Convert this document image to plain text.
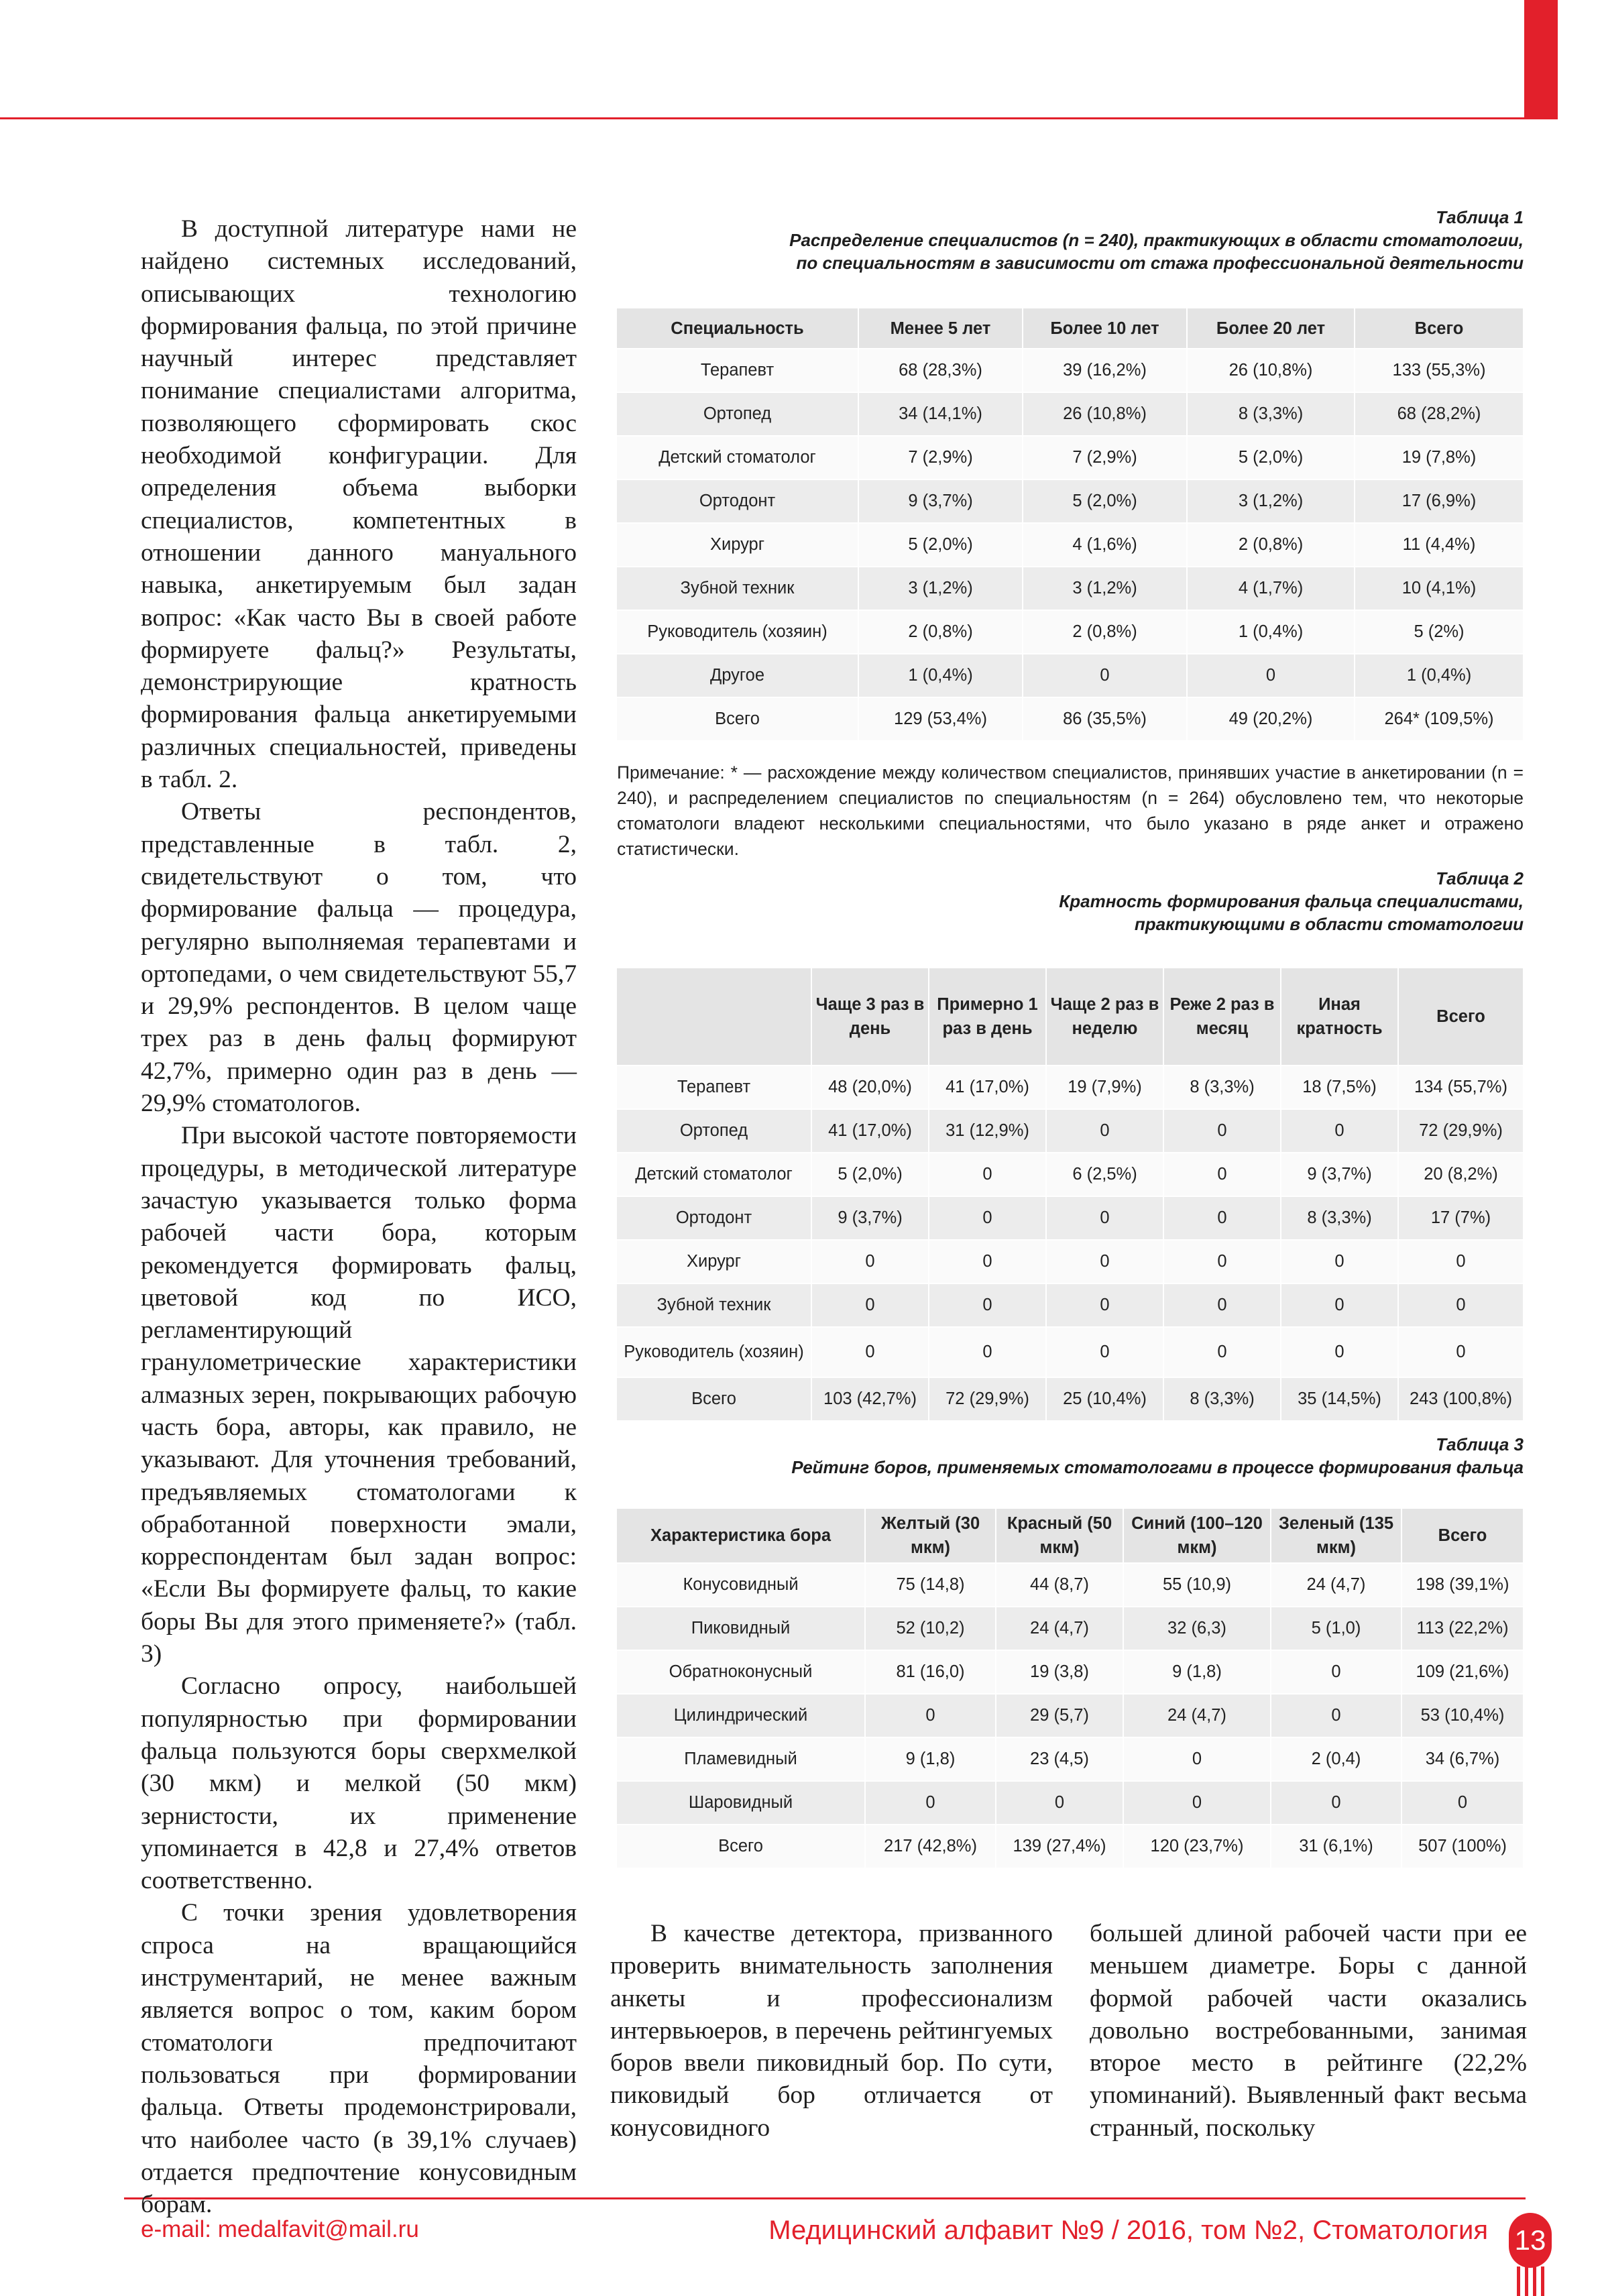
В доступной литературе нами не найдено системных исследований, описывающих технологию формирования фальца, по этой причине научный интерес представляет понимание специалистами алгоритма, позволяющего сформировать скос необходимой конфигурации. Для определения объема выборки специалистов, компетентных в отношении данного мануального навыка, анкетируемым был задан вопрос: «Как часто Вы в своей работе формируете фальц?» Результаты, демонстрирующие кратность формирования фальца анкетируемыми различных специальностей, приведены в табл. 2.

Ответы респондентов, представленные в табл. 2, свидетельствуют о том, что формирование фальца — процедура, регулярно выполняемая терапевтами и ортопедами, о чем свидетельствуют 55,7 и 29,9% респондентов. В целом чаще трех раз в день фальц формируют 42,7%, примерно один раз в день — 29,9% стоматологов.

При высокой частоте повторяемости процедуры, в методической литературе зачастую указывается только форма рабочей части бора, которым рекомендуется формировать фальц, цветовой код по ИСО, регламентирующий гранулометрические характеристики алмазных зерен, покрывающих рабочую часть бора, авторы, как правило, не указывают. Для уточнения требований, предъявляемых стоматологами к обработанной поверхности эмали, корреспондентам был задан вопрос: «Если Вы формируете фальц, то какие боры Вы для этого применяете?» (табл. 3)

Согласно опросу, наибольшей популярностью при формировании фальца пользуются боры сверхмелкой (30 мкм) и мелкой (50 мкм) зернистости, их применение упоминается в 42,8 и 27,4% ответов соответственно.

С точки зрения удовлетворения спроса на вращающийся инструментарий, не менее важным является вопрос о том, каким бором стоматологи предпочитают пользоваться при формировании фальца. Ответы продемонстрировали, что наиболее часто (в 39,1% случаев) отдается предпочтение конусовидным борам.

Таблица 1
Распределение специалистов (n = 240), практикующих в области стоматологии,
по специальностям в зависимости от стажа профессиональной деятельности
Специальность	Менее 5 лет	Более 10 лет	Более 20 лет	Всего
Терапевт	68 (28,3%)	39 (16,2%)	26 (10,8%)	133 (55,3%)
Ортопед	34 (14,1%)	26 (10,8%)	8 (3,3%)	68 (28,2%)
Детский стоматолог	7 (2,9%)	7 (2,9%)	5 (2,0%)	19 (7,8%)
Ортодонт	9 (3,7%)	5 (2,0%)	3 (1,2%)	17 (6,9%)
Хирург	5 (2,0%)	4 (1,6%)	2 (0,8%)	11 (4,4%)
Зубной техник	3 (1,2%)	3 (1,2%)	4 (1,7%)	10 (4,1%)
Руководитель (хозяин)	2 (0,8%)	2 (0,8%)	1 (0,4%)	5 (2%)
Другое	1 (0,4%)	0	0	1 (0,4%)
Всего	129 (53,4%)	86 (35,5%)	49 (20,2%)	264* (109,5%)
Примечание: * — расхождение между количеством специалистов, принявших участие в анкетировании (n = 240), и распределением специалистов по специальностям (n = 264) обусловлено тем, что некоторые стоматологи владеют несколькими специальностями, что было указано в ряде анкет и отражено статистически.
Таблица 2
Кратность формирования фальца специалистами,
практикующими в области стоматологии
	Чаще 3 раз в день	Примерно 1 раз в день	Чаще 2 раз в неделю	Реже 2 раз в месяц	Иная кратность	Всего
Терапевт	48 (20,0%)	41 (17,0%)	19 (7,9%)	8 (3,3%)	18 (7,5%)	134 (55,7%)
Ортопед	41 (17,0%)	31 (12,9%)	0	0	0	72 (29,9%)
Детский стоматолог	5 (2,0%)	0	6 (2,5%)	0	9 (3,7%)	20 (8,2%)
Ортодонт	9 (3,7%)	0	0	0	8 (3,3%)	17 (7%)
Хирург	0	0	0	0	0	0
Зубной техник	0	0	0	0	0	0
Руководитель (хозяин)	0	0	0	0	0	0
Всего	103 (42,7%)	72 (29,9%)	25 (10,4%)	8 (3,3%)	35 (14,5%)	243 (100,8%)
Таблица 3
Рейтинг боров, применяемых стоматологами в процессе формирования фальца
Характеристика бора	Желтый (30 мкм)	Красный (50 мкм)	Синий (100–120 мкм)	Зеленый (135 мкм)	Всего
Конусовидный	75 (14,8)	44 (8,7)	55 (10,9)	24 (4,7)	198 (39,1%)
Пиковидный	52 (10,2)	24 (4,7)	32 (6,3)	5 (1,0)	113 (22,2%)
Обратноконусный	81 (16,0)	19 (3,8)	9 (1,8)	0	109 (21,6%)
Цилиндрический	0	29 (5,7)	24 (4,7)	0	53 (10,4%)
Пламевидный	9 (1,8)	23 (4,5)	0	2 (0,4)	34 (6,7%)
Шаровидный	0	0	0	0	0
Всего	217 (42,8%)	139 (27,4%)	120 (23,7%)	31 (6,1%)	507 (100%)

В качестве детектора, призванного проверить внимательность заполнения анкеты и профессионализм интервьюеров, в перечень рейтингуемых боров ввели пиковидный бор. По сути, пиковидый бор отличается от конусовидного

большей длиной рабочей части при ее меньшем диаметре. Боры с данной формой рабочей части оказались довольно востребованными, занимая второе место в рейтинге (22,2% упоминаний). Выявленный факт весьма странный, поскольку

e-mail: medalfavit@mail.ru	Медицинский алфавит №9 / 2016, том №2, Стоматология 13
